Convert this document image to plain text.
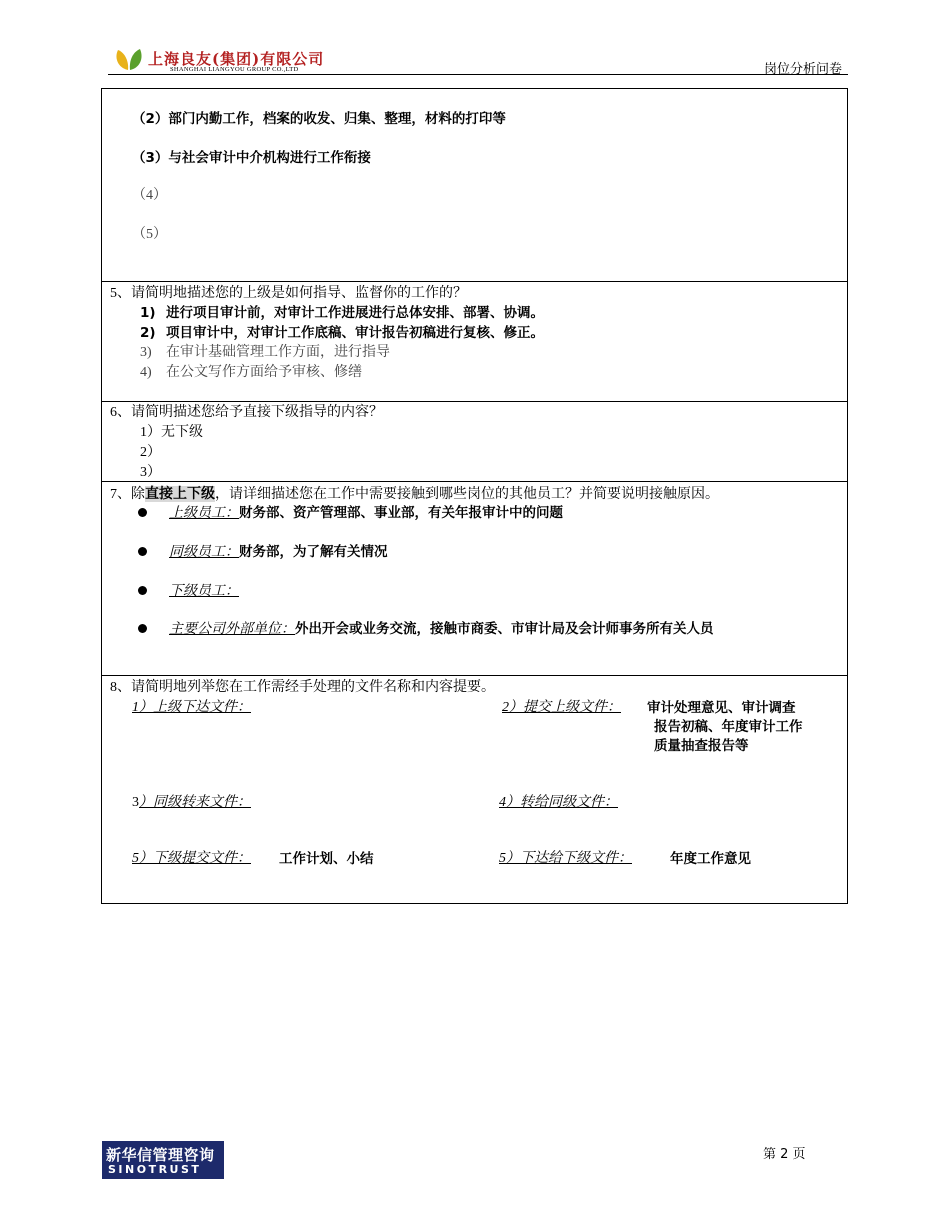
上海良友(集团)有限公司
SHANGHAI LIANGYOU GROUP CO.,LTD	岗位分析问卷
（2）部门内勤工作，档案的收发、归集、整理，材料的打印等
（3）与社会审计中介机构进行工作衔接
（4）
（5）
5、请简明地描述您的上级是如何指导、监督你的工作的？
1) 进行项目审计前，对审计工作进展进行总体安排、部署、协调。
2) 项目审计中，对审计工作底稿、审计报告初稿进行复核、修正。
3) 在审计基础管理工作方面，进行指导
4) 在公文写作方面给予审核、修缮
6、请简明描述您给予直接下级指导的内容？
1）无下级
2）
3）
7、除直接上下级，请详细描述您在工作中需要接触到哪些岗位的其他员工？并简要说明接触原因。
上级员工：财务部、资产管理部、事业部，有关年报审计中的问题
同级员工：财务部，为了解有关情况
下级员工：
主要公司外部单位：外出开会或业务交流，接触市商委、市审计局及会计师事务所有关人员
8、请简明地列举您在工作需经手处理的文件名称和内容提要。
1）上级下达文件：	2）提交上级文件： 审计处理意见、审计调查
报告初稿、年度审计工作
质量抽查报告等
3）同级转来文件：	4）转给同级文件：
5）下级提交文件： 工作计划、小结	5）下达给下级文件：	年度工作意见
新华信管理咨询
SINOTRUST
第 2 页
